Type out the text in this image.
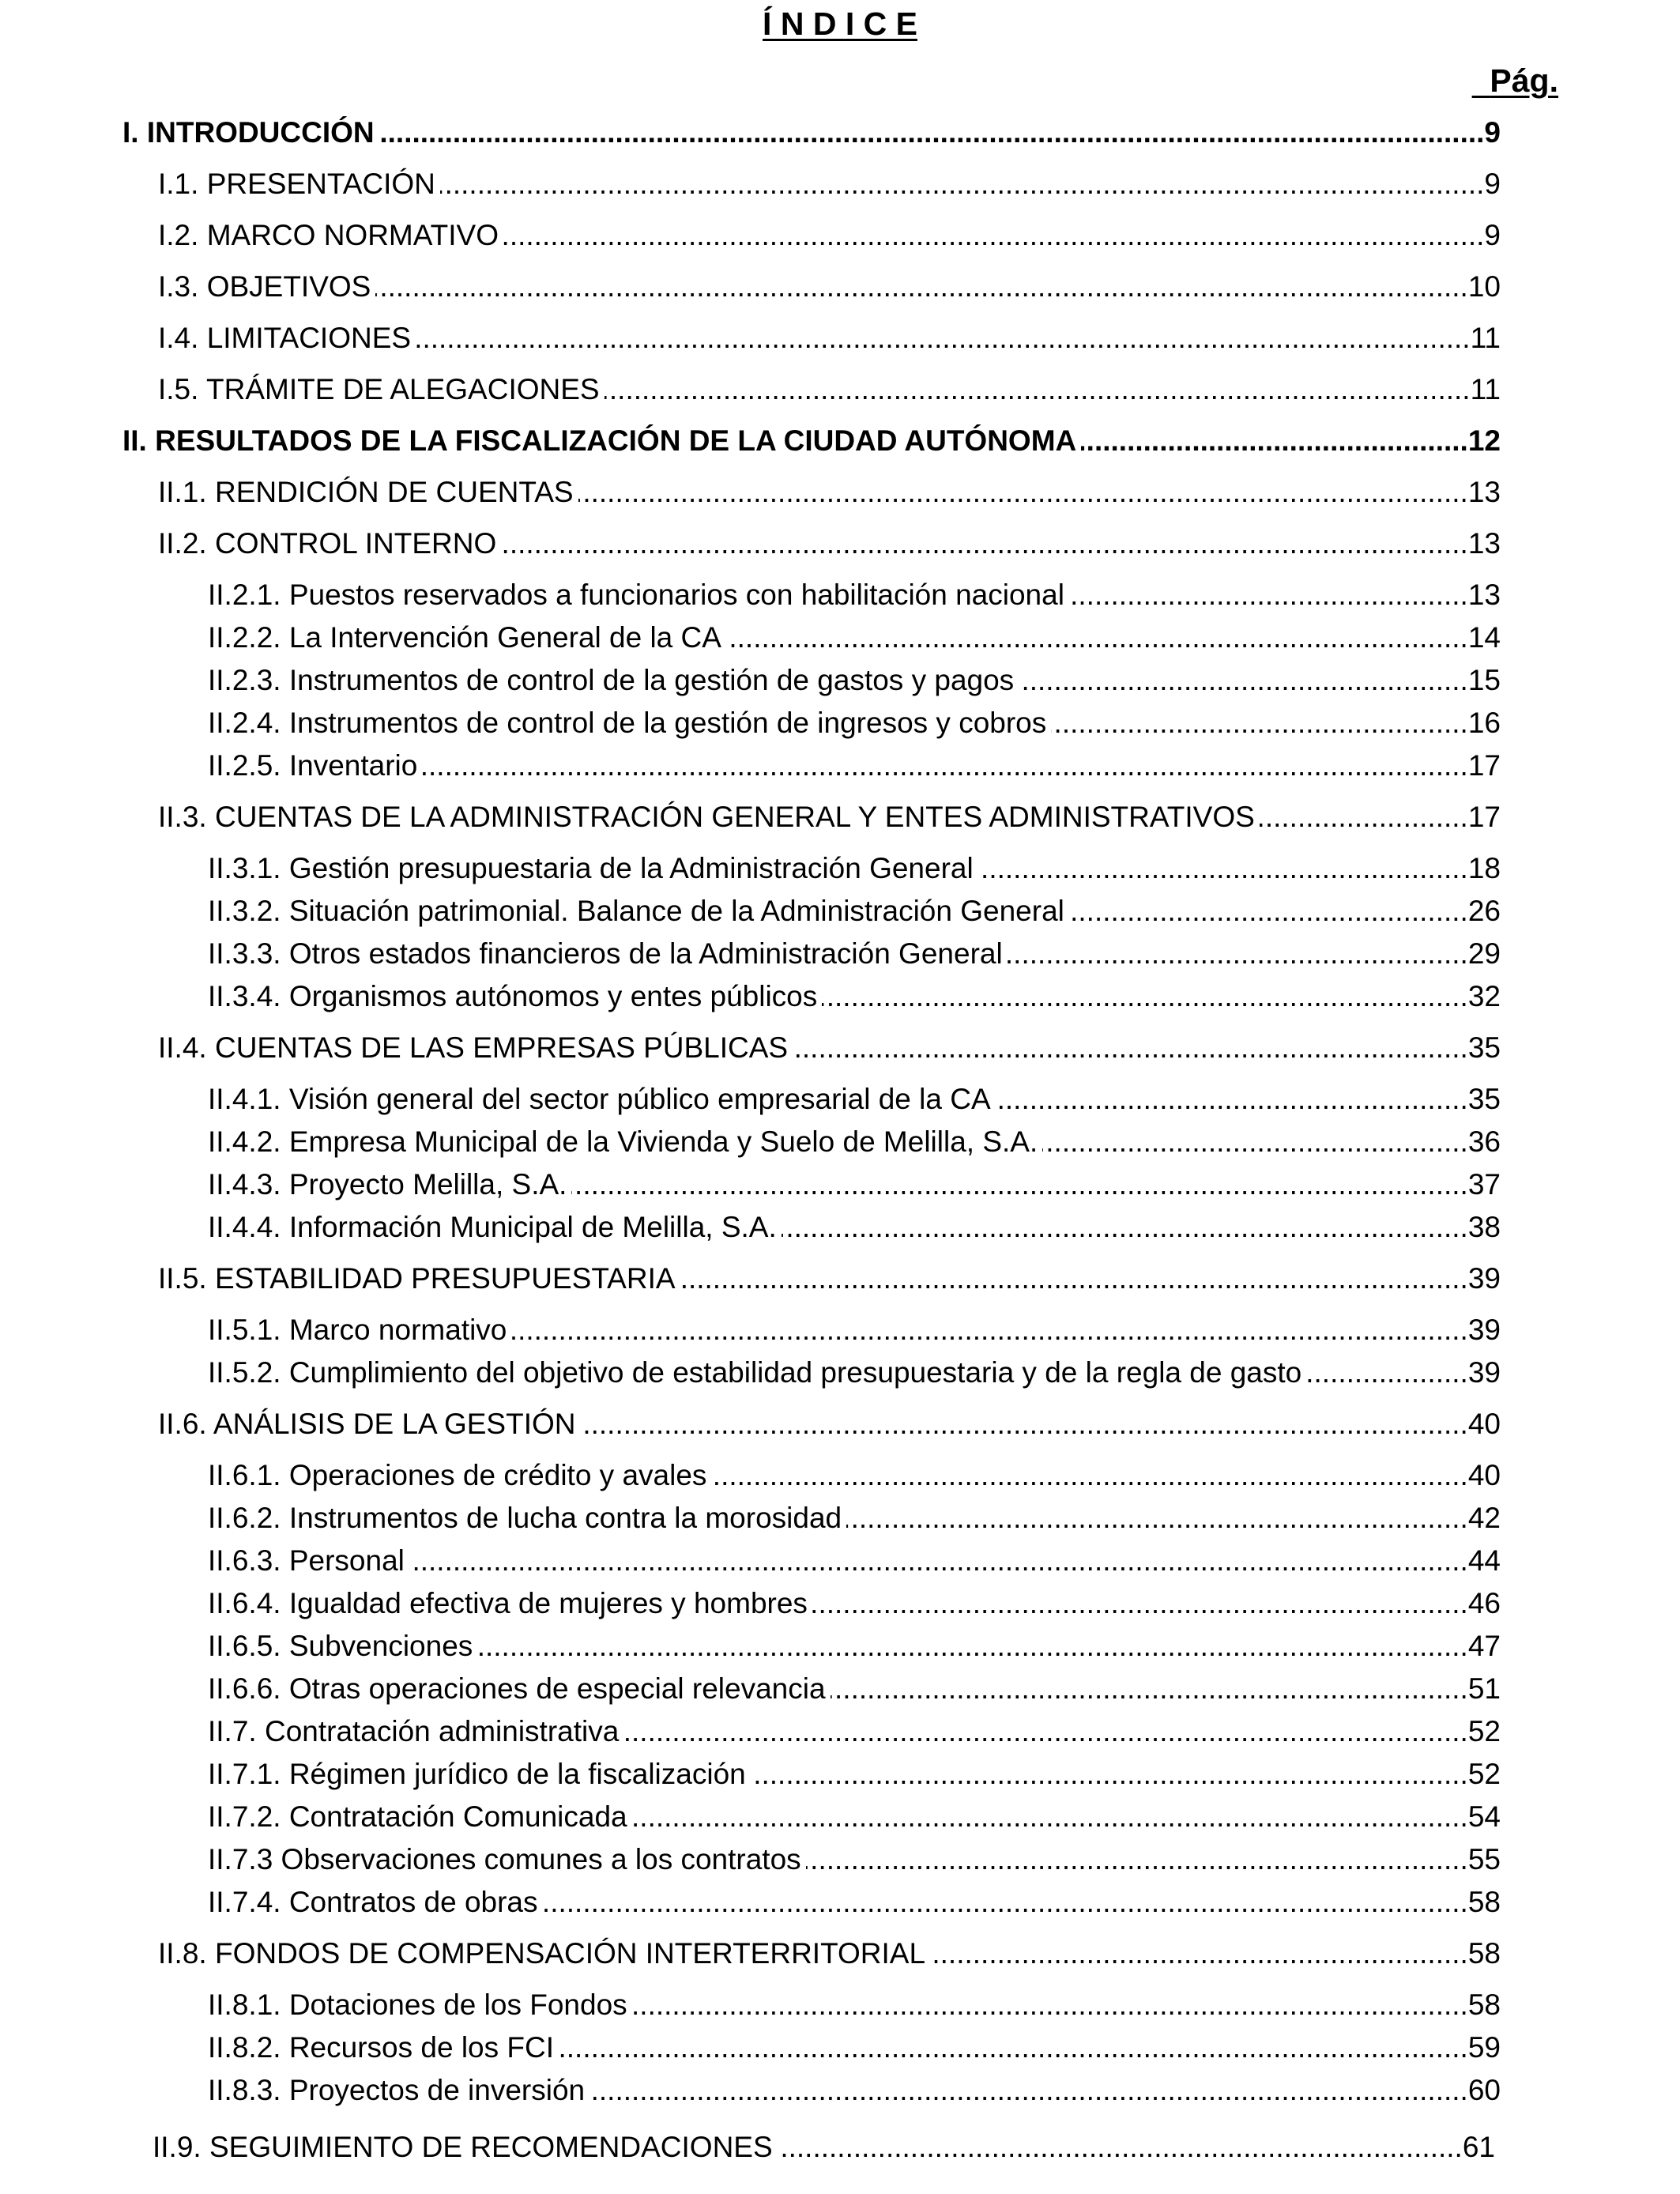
Í N D I C E
Pág.
I. INTRODUCCIÓN .....	9
I.1. PRESENTACIÓN .....	9
I.2. MARCO NORMATIVO .....	9
I.3. OBJETIVOS .....	10
I.4. LIMITACIONES .....	11
I.5. TRÁMITE DE ALEGACIONES .....	11
II. RESULTADOS DE LA FISCALIZACIÓN DE LA CIUDAD AUTÓNOMA .....	12
II.1. RENDICIÓN DE CUENTAS .....	13
II.2. CONTROL INTERNO .....	13
II.2.1. Puestos reservados a funcionarios con habilitación nacional .....	13
II.2.2. La Intervención General de la CA .....	14
II.2.3. Instrumentos de control de la gestión de gastos y pagos .....	15
II.2.4. Instrumentos de control de la gestión de ingresos y cobros .....	16
II.2.5. Inventario .....	17
II.3. CUENTAS DE LA ADMINISTRACIÓN GENERAL Y ENTES ADMINISTRATIVOS .....	17
II.3.1. Gestión presupuestaria de la Administración General .....	18
II.3.2. Situación patrimonial. Balance de la Administración General .....	26
II.3.3. Otros estados financieros de la Administración General .....	29
II.3.4. Organismos autónomos y entes públicos .....	32
II.4. CUENTAS DE LAS EMPRESAS PÚBLICAS .....	35
II.4.1. Visión general del sector público empresarial de la CA .....	35
II.4.2. Empresa Municipal de la Vivienda y Suelo de Melilla, S.A. .....	36
II.4.3. Proyecto Melilla, S.A. .....	37
II.4.4. Información Municipal de Melilla, S.A. .....	38
II.5. ESTABILIDAD PRESUPUESTARIA .....	39
II.5.1. Marco normativo .....	39
II.5.2. Cumplimiento del objetivo de estabilidad presupuestaria y de la regla de gasto .....	39
II.6. ANÁLISIS DE LA GESTIÓN .....	40
II.6.1. Operaciones de crédito y avales .....	40
II.6.2. Instrumentos de lucha contra la morosidad .....	42
II.6.3. Personal .....	44
II.6.4. Igualdad efectiva de mujeres y hombres .....	46
II.6.5. Subvenciones .....	47
II.6.6. Otras operaciones de especial relevancia .....	51
II.7. Contratación administrativa .....	52
II.7.1. Régimen jurídico de la fiscalización .....	52
II.7.2. Contratación Comunicada .....	54
II.7.3 Observaciones comunes a los contratos .....	55
II.7.4. Contratos de obras .....	58
II.8. FONDOS DE COMPENSACIÓN INTERTERRITORIAL .....	58
II.8.1. Dotaciones de los Fondos .....	58
II.8.2. Recursos de los FCI .....	59
II.8.3. Proyectos de inversión .....	60
II.9. SEGUIMIENTO DE RECOMENDACIONES .....	61
